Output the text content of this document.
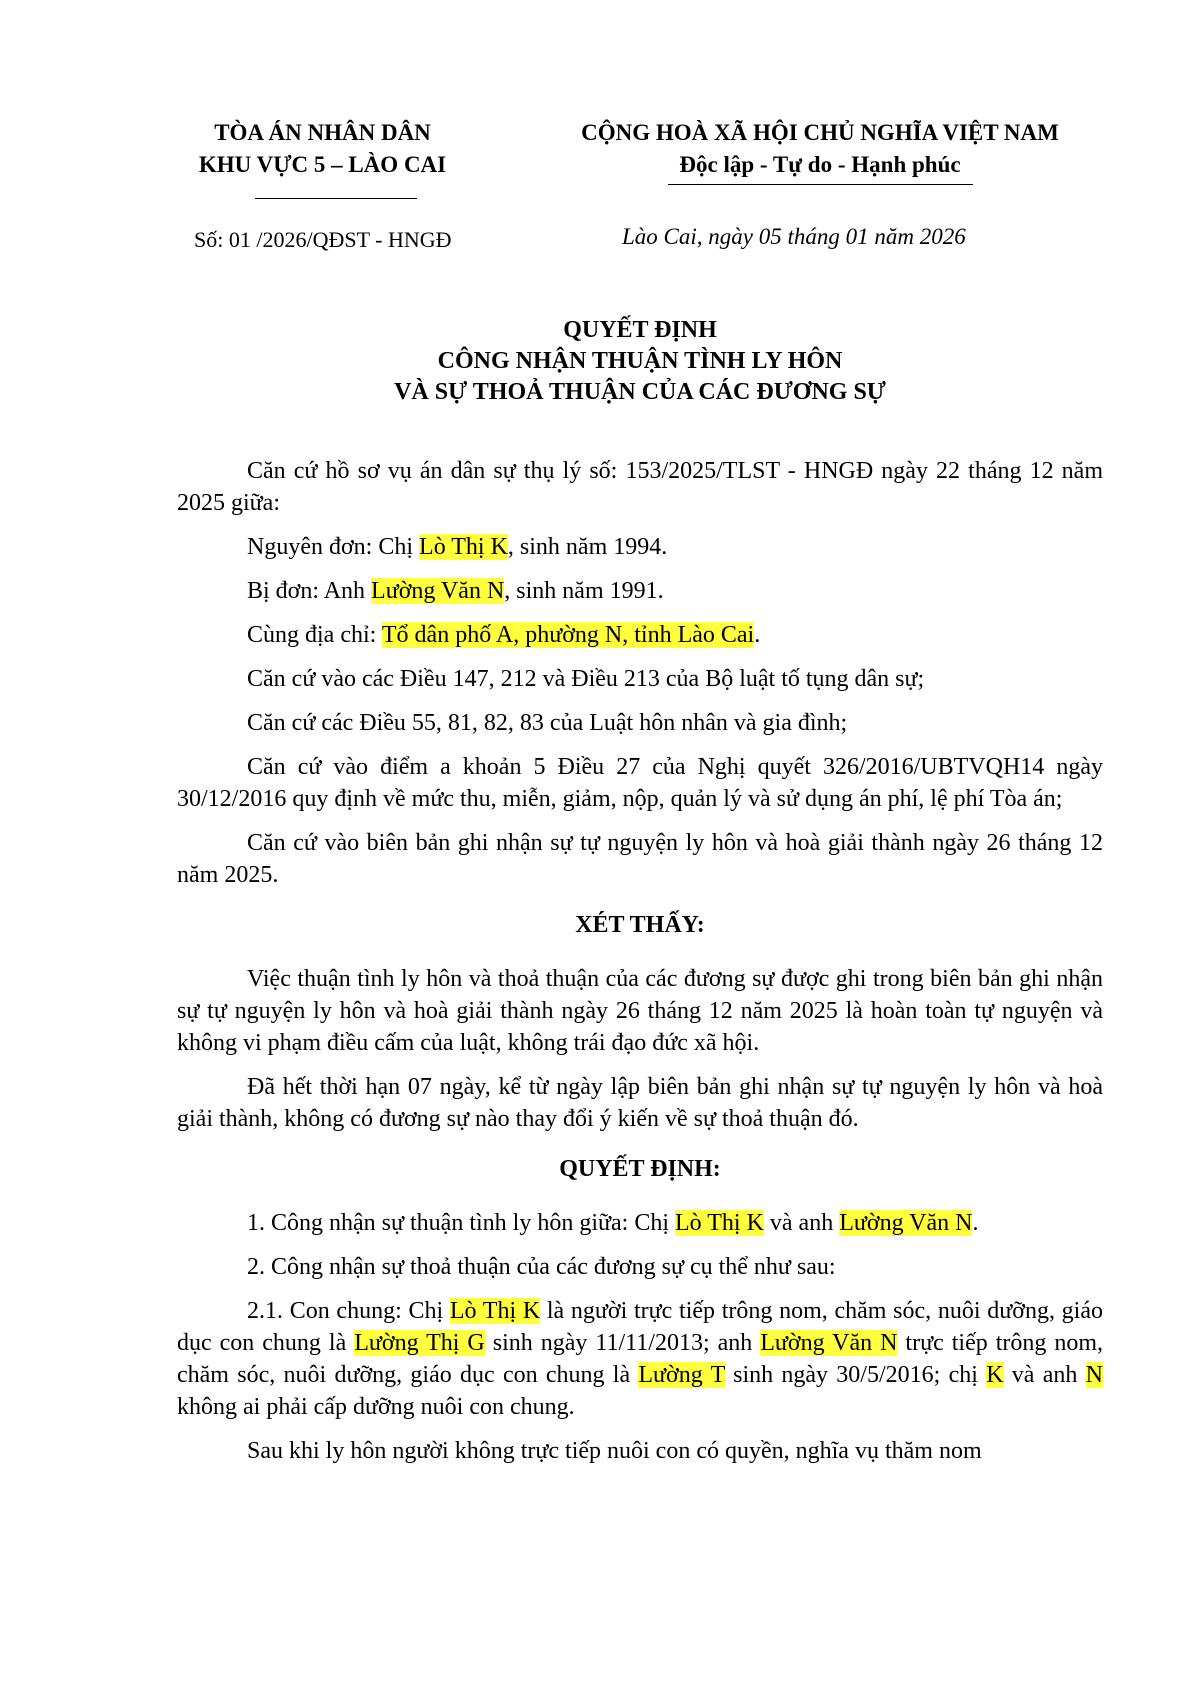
TÒA ÁN NHÂN DÂN
KHU VỰC 5 – LÀO CAI
CỘNG HOÀ XÃ HỘI CHỦ NGHĨA VIỆT NAM
Độc lập - Tự do - Hạnh phúc
Số: 01 /2026/QĐST - HNGĐ	Lào Cai, ngày 05 tháng 01 năm 2026
QUYẾT ĐỊNH
CÔNG NHẬN THUẬN TÌNH LY HÔN
VÀ SỰ THOẢ THUẬN CỦA CÁC ĐƯƠNG SỰ

Căn cứ hồ sơ vụ án dân sự thụ lý số: 153/2025/TLST - HNGĐ ngày 22 tháng 12 năm 2025 giữa:

Nguyên đơn: Chị Lò Thị K, sinh năm 1994.

Bị đơn: Anh Lường Văn N, sinh năm 1991.

Cùng địa chỉ: Tổ dân phố A, phường N, tỉnh Lào Cai.

Căn cứ vào các Điều 147, 212 và Điều 213 của Bộ luật tố tụng dân sự;

Căn cứ các Điều 55, 81, 82, 83 của Luật hôn nhân và gia đình;

Căn cứ vào điểm a khoản 5 Điều 27 của Nghị quyết 326/2016/UBTVQH14 ngày 30/12/2016 quy định về mức thu, miễn, giảm, nộp, quản lý và sử dụng án phí, lệ phí Tòa án;

Căn cứ vào biên bản ghi nhận sự tự nguyện ly hôn và hoà giải thành ngày 26 tháng 12 năm 2025.

XÉT THẤY:

Việc thuận tình ly hôn và thoả thuận của các đương sự được ghi trong biên bản ghi nhận sự tự nguyện ly hôn và hoà giải thành ngày 26 tháng 12 năm 2025 là hoàn toàn tự nguyện và không vi phạm điều cấm của luật, không trái đạo đức xã hội.

Đã hết thời hạn 07 ngày, kể từ ngày lập biên bản ghi nhận sự tự nguyện ly hôn và hoà giải thành, không có đương sự nào thay đổi ý kiến về sự thoả thuận đó.

QUYẾT ĐỊNH:

1. Công nhận sự thuận tình ly hôn giữa: Chị Lò Thị K và anh Lường Văn N.

2. Công nhận sự thoả thuận của các đương sự cụ thể như sau:

2.1. Con chung: Chị Lò Thị K là người trực tiếp trông nom, chăm sóc, nuôi dưỡng, giáo dục con chung là Lường Thị G sinh ngày 11/11/2013; anh Lường Văn N trực tiếp trông nom, chăm sóc, nuôi dưỡng, giáo dục con chung là Lường T sinh ngày 30/5/2016; chị K và anh N không ai phải cấp dưỡng nuôi con chung.

Sau khi ly hôn người không trực tiếp nuôi con có quyền, nghĩa vụ thăm nom
